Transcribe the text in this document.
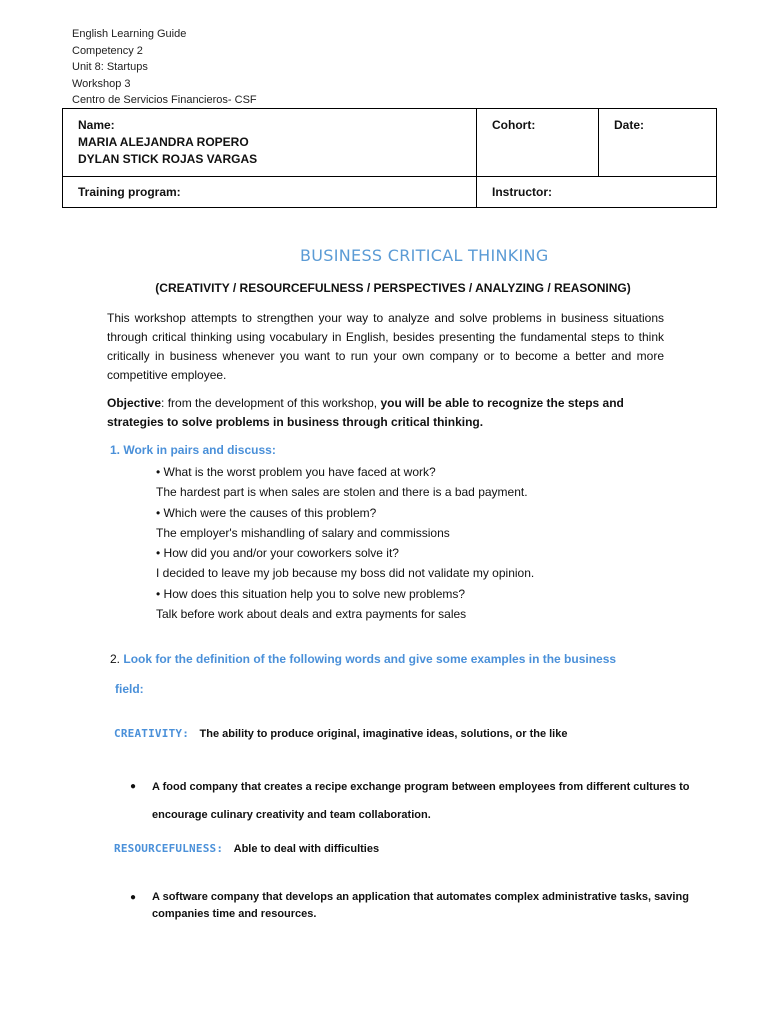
English Learning Guide
Competency 2
Unit 8: Startups
Workshop 3
Centro de Servicios Financieros- CSF
Name:
MARIA ALEJANDRA ROPERO
DYLAN STICK ROJAS VARGAS	Cohort:	Date:

Training program:	Instructor:	
BUSINESS CRITICAL THINKING
(CREATIVITY / RESOURCEFULNESS / PERSPECTIVES / ANALYZING / REASONING)
This workshop attempts to strengthen your way to analyze and solve problems in business situations through critical thinking using vocabulary in English, besides presenting the fundamental steps to think critically in business whenever you want to run your own company or to become a better and more competitive employee.
Objective: from the development of this workshop, you will be able to recognize the steps and strategies to solve problems in business through critical thinking.
1. Work in pairs and discuss:
• What is the worst problem you have faced at work?
The hardest part is when sales are stolen and there is a bad payment.
• Which were the causes of this problem?
The employer's mishandling of salary and commissions
• How did you and/or your coworkers solve it?
I decided to leave my job because my boss did not validate my opinion.
• How does this situation help you to solve new problems?
Talk before work about deals and extra payments for sales
2. Look for the definition of the following words and give some examples in the business
field:
CREATIVITY: The ability to produce original, imaginative ideas, solutions, or the like
● A food company that creates a recipe exchange program between employees from different cultures to encourage culinary creativity and team collaboration.
RESOURCEFULNESS: Able to deal with difficulties
● A software company that develops an application that automates complex administrative tasks, saving companies time and resources.
